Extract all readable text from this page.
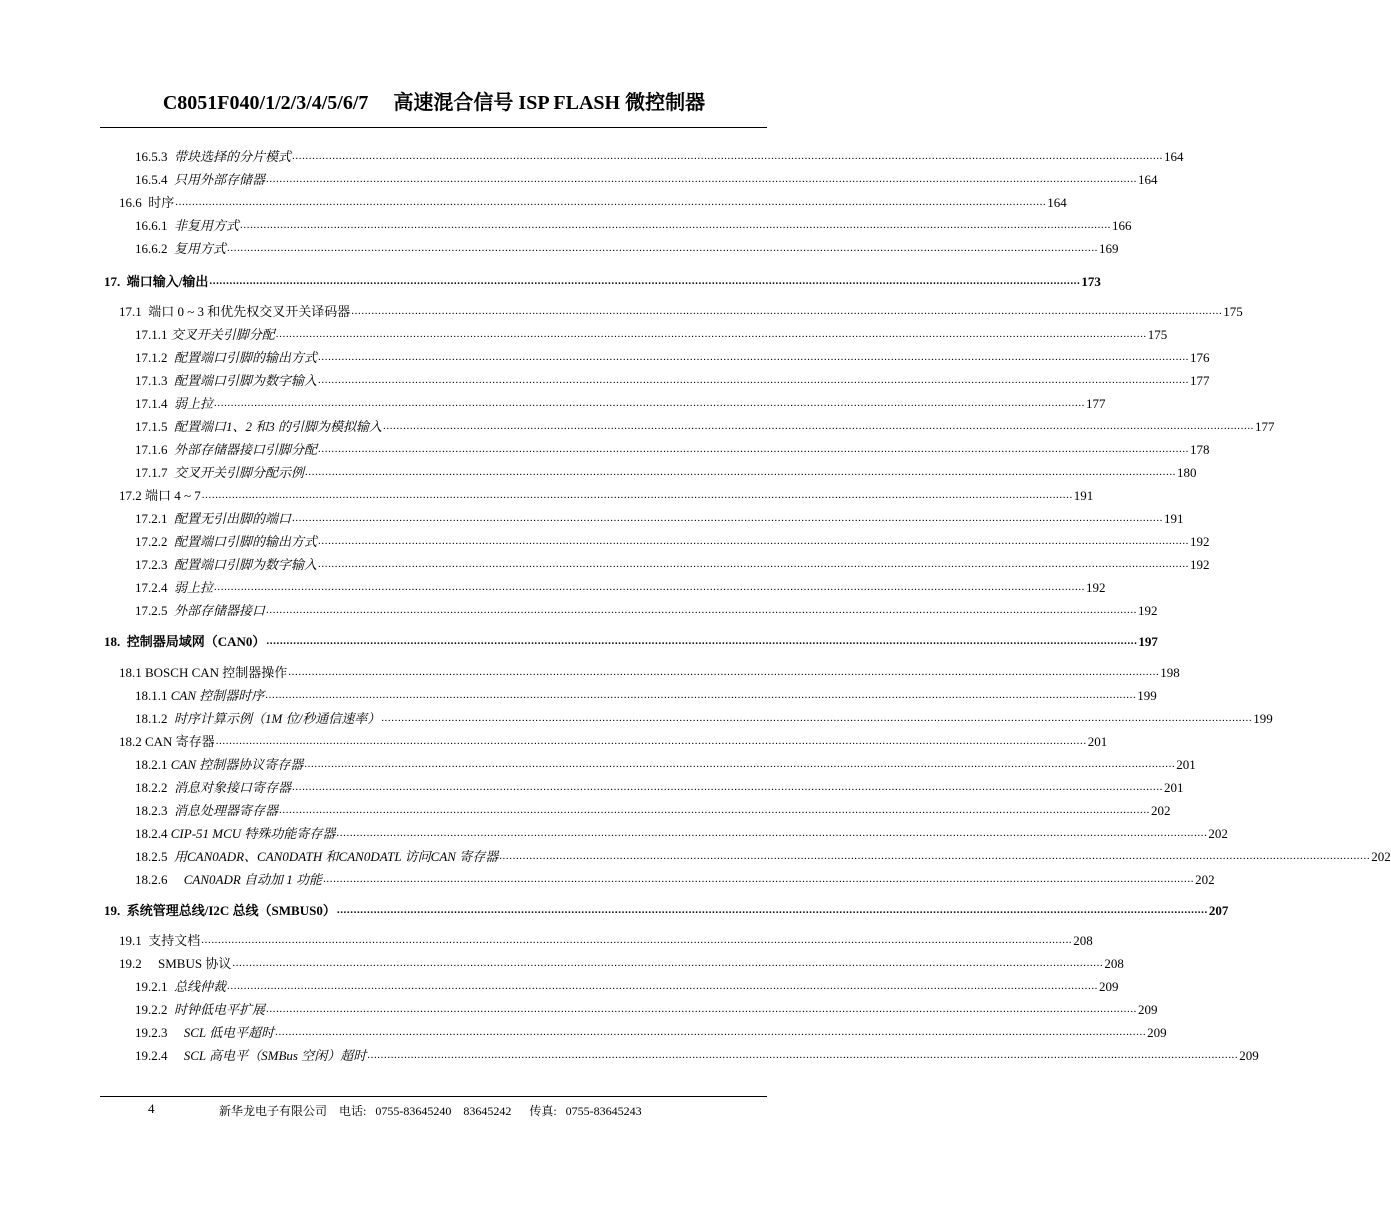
C8051F040/1/2/3/4/5/6/7     高速混合信号 ISP FLASH 微控制器
16.5.3 带块选择的分片模式 .................................................................................................................................................................................................................................................................... 164
16.5.4 只用外部存储器 .................................................................................................................................................................................................................................................................... 164
16.6 时序 .................................................................................................................................................................................................................................................................... 164
16.6.1 非复用方式 .................................................................................................................................................................................................................................................................... 166
16.6.2 复用方式 .................................................................................................................................................................................................................................................................... 169
17. 端口输入/输出 .................................................................................................................................................................................................................................................................... 173
17.1 端口 0 ~ 3 和优先权交叉开关译码器 .................................................................................................................................................................................................................................................................... 175
17.1.1 交叉开关引脚分配 .................................................................................................................................................................................................................................................................... 175
17.1.2 配置端口引脚的输出方式 .................................................................................................................................................................................................................................................................... 176
17.1.3 配置端口引脚为数字输入 .................................................................................................................................................................................................................................................................... 177
17.1.4 弱上拉 .................................................................................................................................................................................................................................................................... 177
17.1.5 配置端口1、2 和3 的引脚为模拟输入 .................................................................................................................................................................................................................................................................... 177
17.1.6 外部存储器接口引脚分配 .................................................................................................................................................................................................................................................................... 178
17.1.7 交叉开关引脚分配示例 .................................................................................................................................................................................................................................................................... 180
17.2 端口 4 ~ 7 .................................................................................................................................................................................................................................................................... 191
17.2.1 配置无引出脚的端口 .................................................................................................................................................................................................................................................................... 191
17.2.2 配置端口引脚的输出方式 .................................................................................................................................................................................................................................................................... 192
17.2.3 配置端口引脚为数字输入 .................................................................................................................................................................................................................................................................... 192
17.2.4 弱上拉 .................................................................................................................................................................................................................................................................... 192
17.2.5 外部存储器接口 .................................................................................................................................................................................................................................................................... 192
18. 控制器局域网（CAN0） .................................................................................................................................................................................................................................................................... 197
18.1 BOSCH CAN 控制器操作 .................................................................................................................................................................................................................................................................... 198
18.1.1 CAN 控制器时序 .................................................................................................................................................................................................................................................................... 199
18.1.2 时序计算示例（1M 位/秒通信速率） .................................................................................................................................................................................................................................................................... 199
18.2 CAN 寄存器 .................................................................................................................................................................................................................................................................... 201
18.2.1 CAN 控制器协议寄存器 .................................................................................................................................................................................................................................................................... 201
18.2.2 消息对象接口寄存器 .................................................................................................................................................................................................................................................................... 201
18.2.3 消息处理器寄存器 .................................................................................................................................................................................................................................................................... 202
18.2.4 CIP-51 MCU 特殊功能寄存器 .................................................................................................................................................................................................................................................................... 202
18.2.5 用CAN0ADR、CAN0DATH 和CAN0DATL 访问CAN 寄存器 .................................................................................................................................................................................................................................................................... 202
18.2.6 CAN0ADR 自动加 1 功能 .................................................................................................................................................................................................................................................................... 202
19. 系统管理总线/I2C 总线（SMBUS0） .................................................................................................................................................................................................................................................................... 207
19.1 支持文档 .................................................................................................................................................................................................................................................................... 208
19.2 SMBUS 协议 .................................................................................................................................................................................................................................................................... 208
19.2.1 总线仲裁 .................................................................................................................................................................................................................................................................... 209
19.2.2 时钟低电平扩展 .................................................................................................................................................................................................................................................................... 209
19.2.3 SCL 低电平超时 .................................................................................................................................................................................................................................................................... 209
19.2.4 SCL 高电平（SMBus 空闲）超时 .................................................................................................................................................................................................................................................................... 209
4	新华龙电子有限公司    电话:   0755-83645240    83645242      传真:   0755-83645243
